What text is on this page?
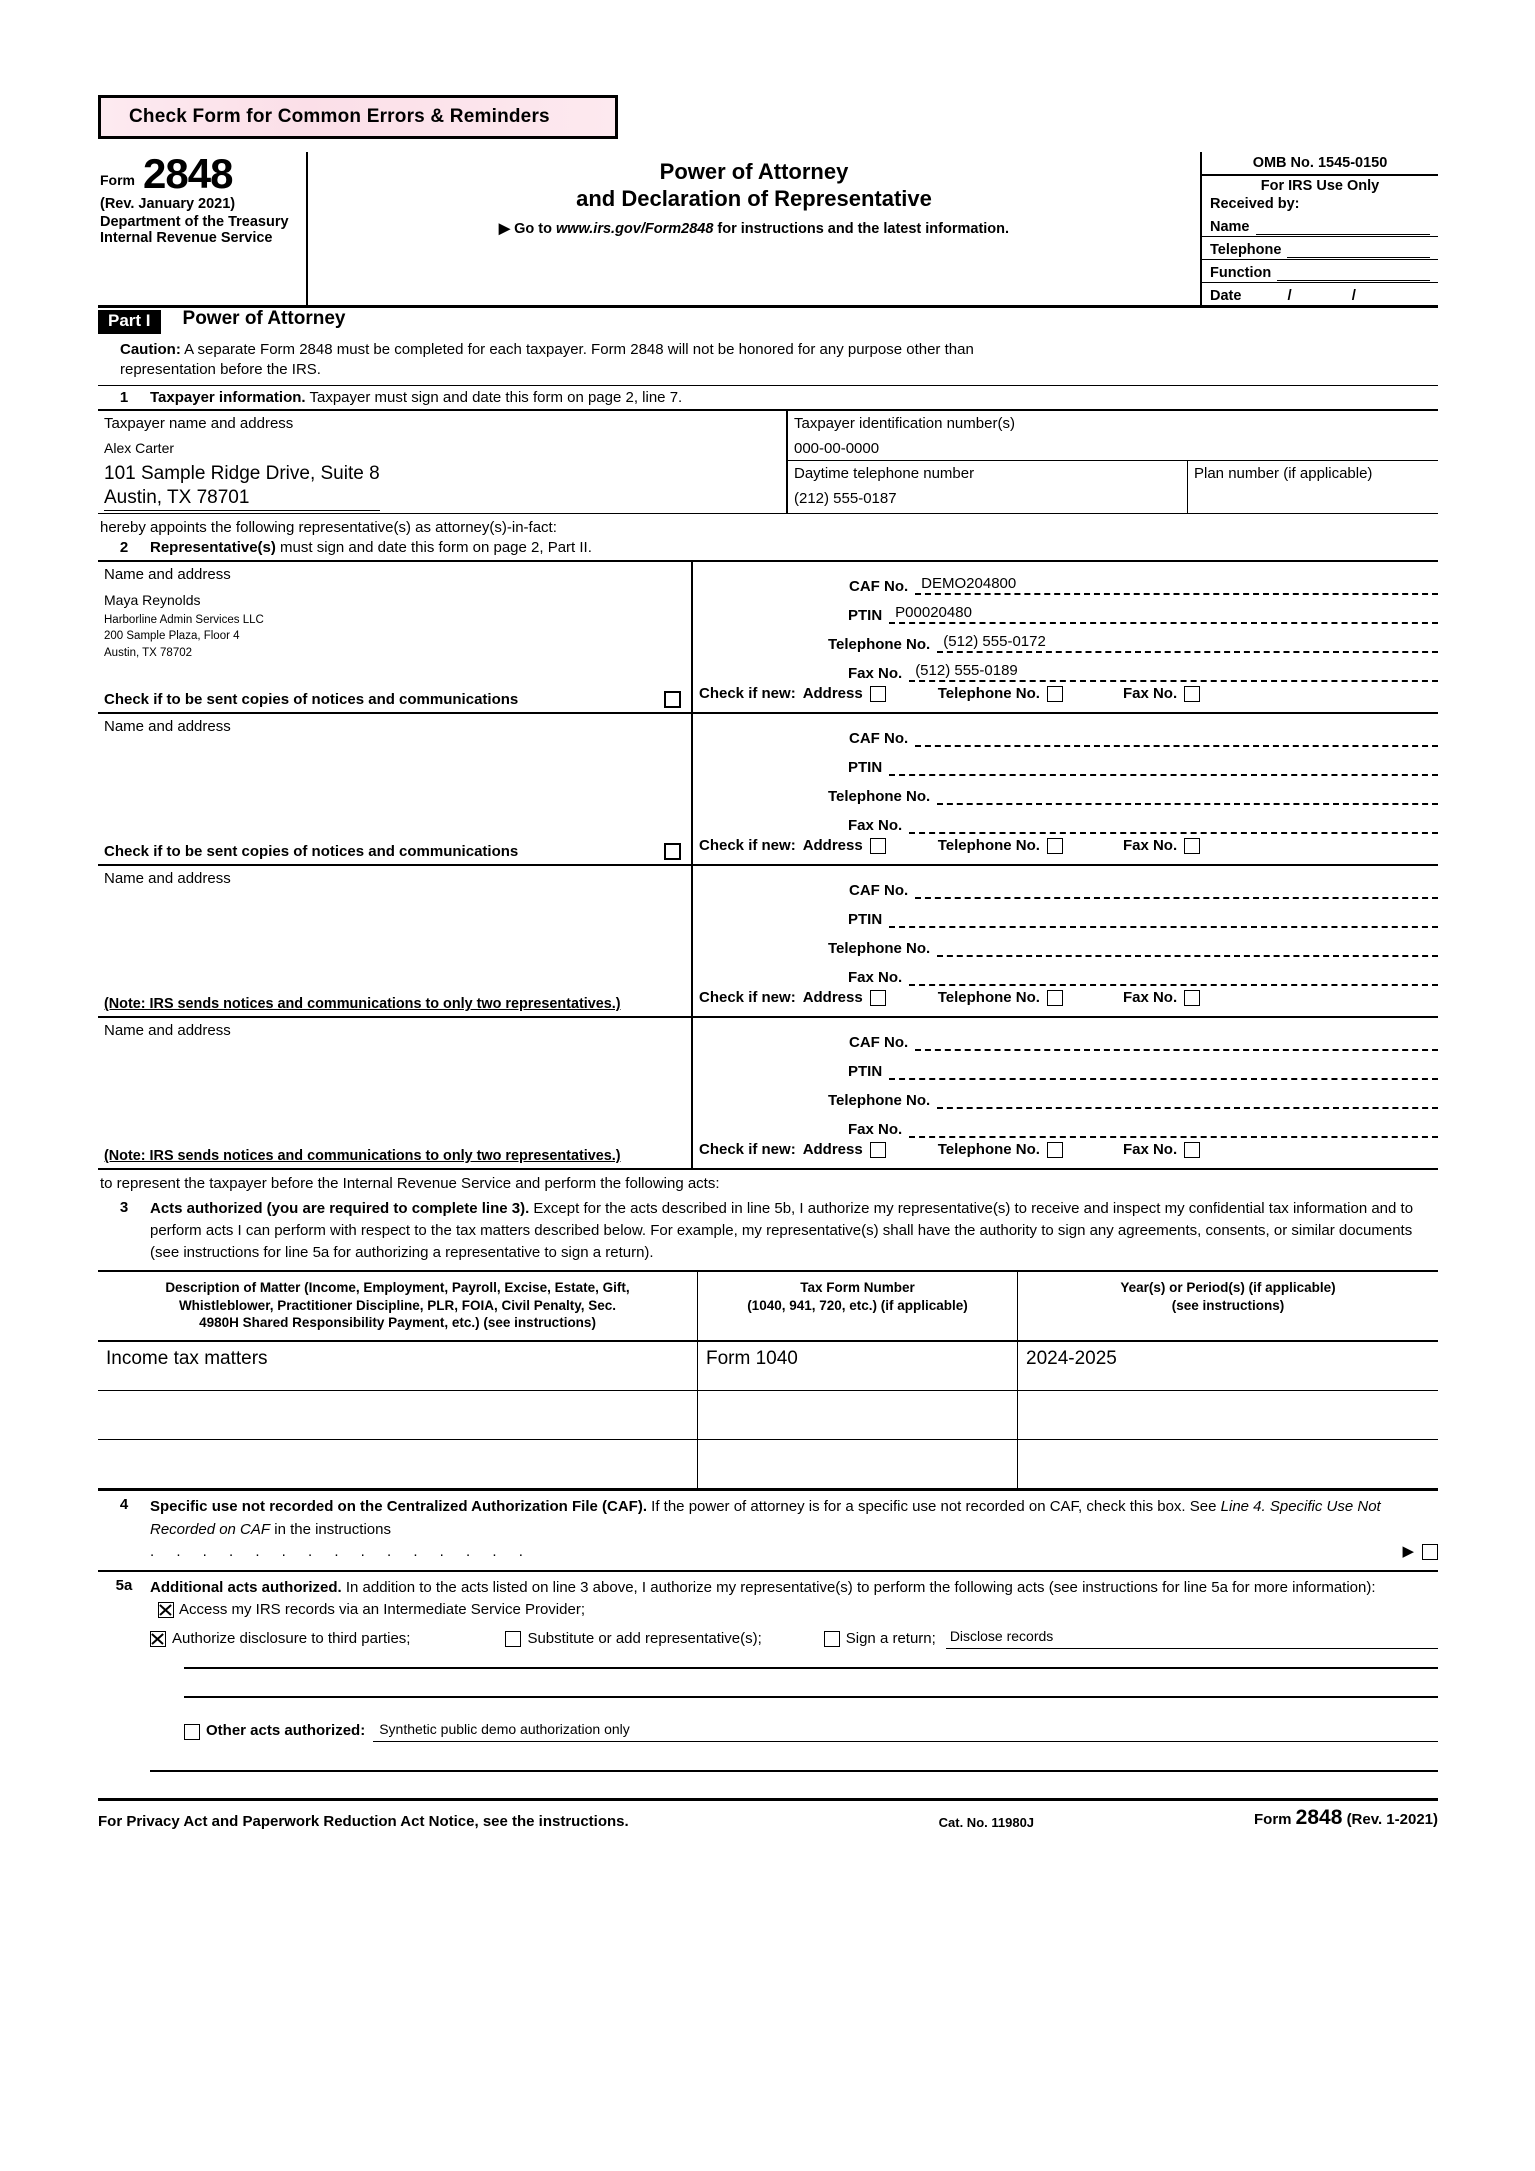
Check Form for Common Errors & Reminders
Form 2848
(Rev. January 2021)
Department of the Treasury
Internal Revenue Service
Power of Attorney
and Declaration of Representative
▶ Go to www.irs.gov/Form2848 for instructions and the latest information.
OMB No. 1545-0150
For IRS Use Only
Received by:
Name
Telephone
Function
Date	/ /
Part I	Power of Attorney
Caution: A separate Form 2848 must be completed for each taxpayer. Form 2848 will not be honored for any purpose other than representation before the IRS.
1	Taxpayer information. Taxpayer must sign and date this form on page 2, line 7.
Taxpayer name and address
Alex Carter
101 Sample Ridge Drive, Suite 8
Austin, TX 78701
Taxpayer identification number(s)
000-00-0000
Daytime telephone number
(212) 555-0187
Plan number (if applicable)
hereby appoints the following representative(s) as attorney(s)-in-fact:
2	Representative(s) must sign and date this form on page 2, Part II.
Name and address
Maya Reynolds
Harborline Admin Services LLC
200 Sample Plaza, Floor 4
Austin, TX 78702
Check if to be sent copies of notices and communications
CAF No. DEMO204800
PTIN P00020480
Telephone No. (512) 555-0172
Fax No. (512) 555-0189
Check if new: Address	Telephone No.	Fax No.
Name and address
Check if to be sent copies of notices and communications
CAF No.
PTIN
Telephone No.
Fax No.
Check if new: Address	Telephone No.	Fax No.
Name and address
(Note: IRS sends notices and communications to only two representatives.)
CAF No.
PTIN
Telephone No.
Fax No.
Check if new: Address	Telephone No.	Fax No.
Name and address
(Note: IRS sends notices and communications to only two representatives.)
CAF No.
PTIN
Telephone No.
Fax No.
Check if new: Address	Telephone No.	Fax No.
to represent the taxpayer before the Internal Revenue Service and perform the following acts:
3	Acts authorized (you are required to complete line 3). Except for the acts described in line 5b, I authorize my representative(s) to receive and inspect my confidential tax information and to perform acts I can perform with respect to the tax matters described below. For example, my representative(s) shall have the authority to sign any agreements, consents, or similar documents (see instructions for line 5a for authorizing a representative to sign a return).
Description of Matter (Income, Employment, Payroll, Excise, Estate, Gift,
Whistleblower, Practitioner Discipline, PLR, FOIA, Civil Penalty, Sec.
4980H Shared Responsibility Payment, etc.) (see instructions)
Tax Form Number
(1040, 941, 720, etc.) (if applicable)
Year(s) or Period(s) (if applicable)
(see instructions)
Income tax matters	Form 1040	2024-2025
4	Specific use not recorded on the Centralized Authorization File (CAF). If the power of attorney is for a specific use not recorded on CAF, check this box. See Line 4. Specific Use Not Recorded on CAF in the instructions
. . . . . . . . . . . . . . .	▶
5a	Additional acts authorized. In addition to the acts listed on line 3 above, I authorize my representative(s) to perform the following acts (see instructions for line 5a for more information):
Access my IRS records via an Intermediate Service Provider;
Authorize disclosure to third parties;	Substitute or add representative(s);	Sign a return; Disclose records
Other acts authorized: Synthetic public demo authorization only
For Privacy Act and Paperwork Reduction Act Notice, see the instructions.	Cat. No. 11980J	Form 2848 (Rev. 1-2021)
